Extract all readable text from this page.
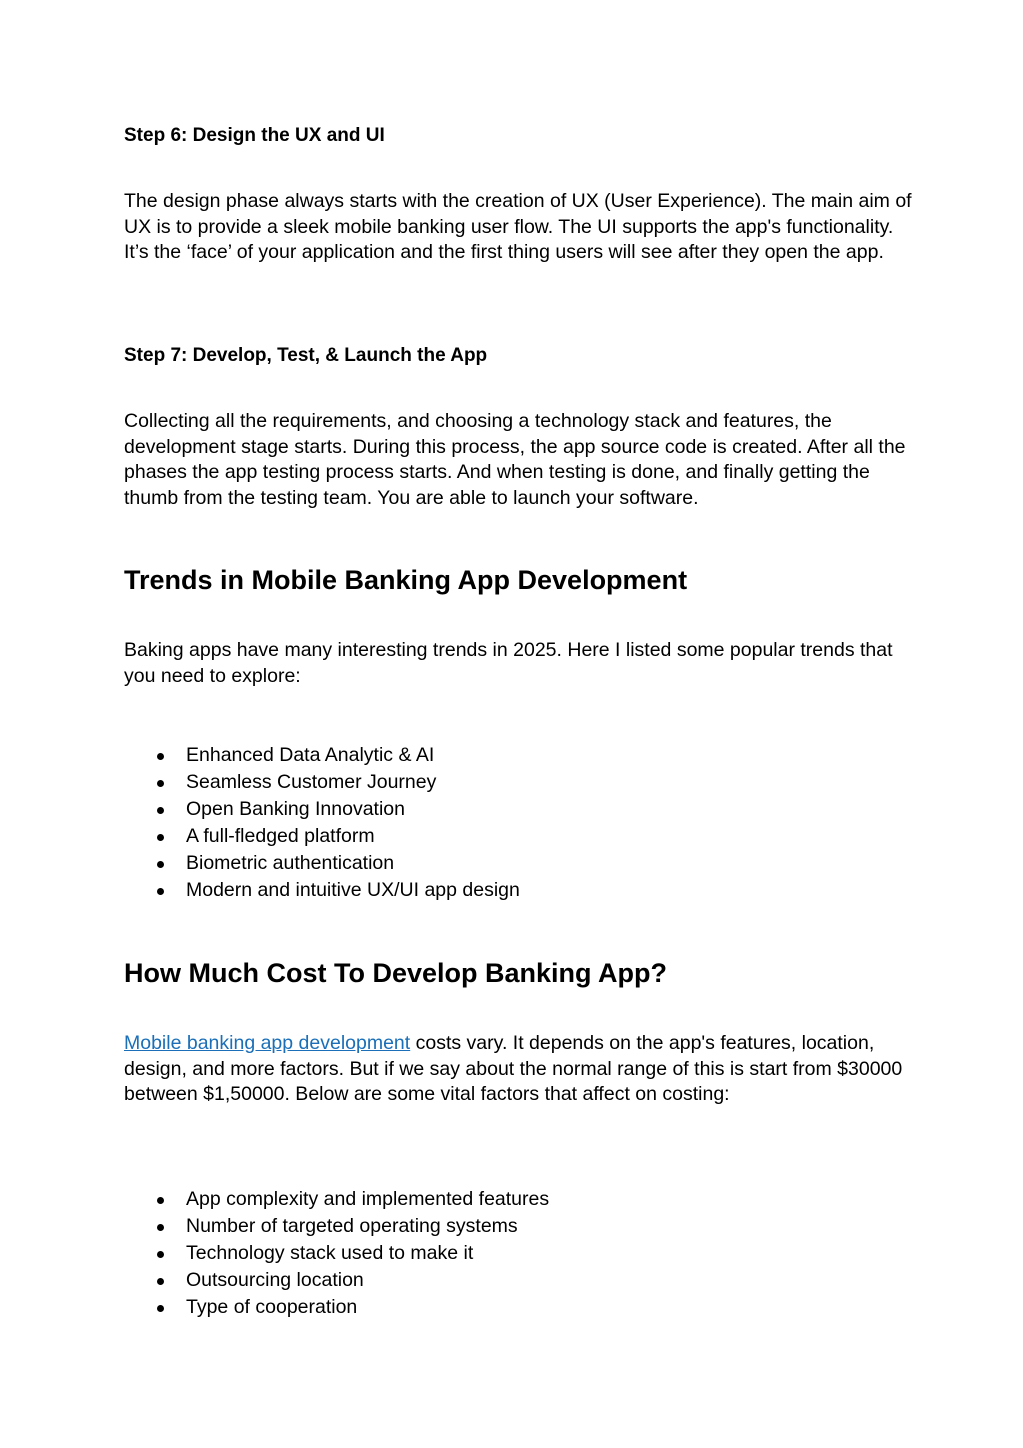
Step 6: Design the UX and UI

The design phase always starts with the creation of UX (User Experience). The main aim of UX is to provide a sleek mobile banking user flow. The UI supports the app's functionality. It’s the ‘face’ of your application and the first thing users will see after they open the app.

Step 7: Develop, Test, & Launch the App

Collecting all the requirements, and choosing a technology stack and features, the development stage starts. During this process, the app source code is created. After all the phases the app testing process starts. And when testing is done, and finally getting the thumb from the testing team. You are able to launch your software.

Trends in Mobile Banking App Development

Baking apps have many interesting trends in 2025. Here I listed some popular trends that you need to explore:

Enhanced Data Analytic & AI
Seamless Customer Journey
Open Banking Innovation
A full-fledged platform
Biometric authentication
Modern and intuitive UX/UI app design
How Much Cost To Develop Banking App?

Mobile banking app development costs vary. It depends on the app's features, location, design, and more factors. But if we say about the normal range of this is start from $30000 between $1,50000. Below are some vital factors that affect on costing:

App complexity and implemented features
Number of targeted operating systems
Technology stack used to make it
Outsourcing location
Type of cooperation
